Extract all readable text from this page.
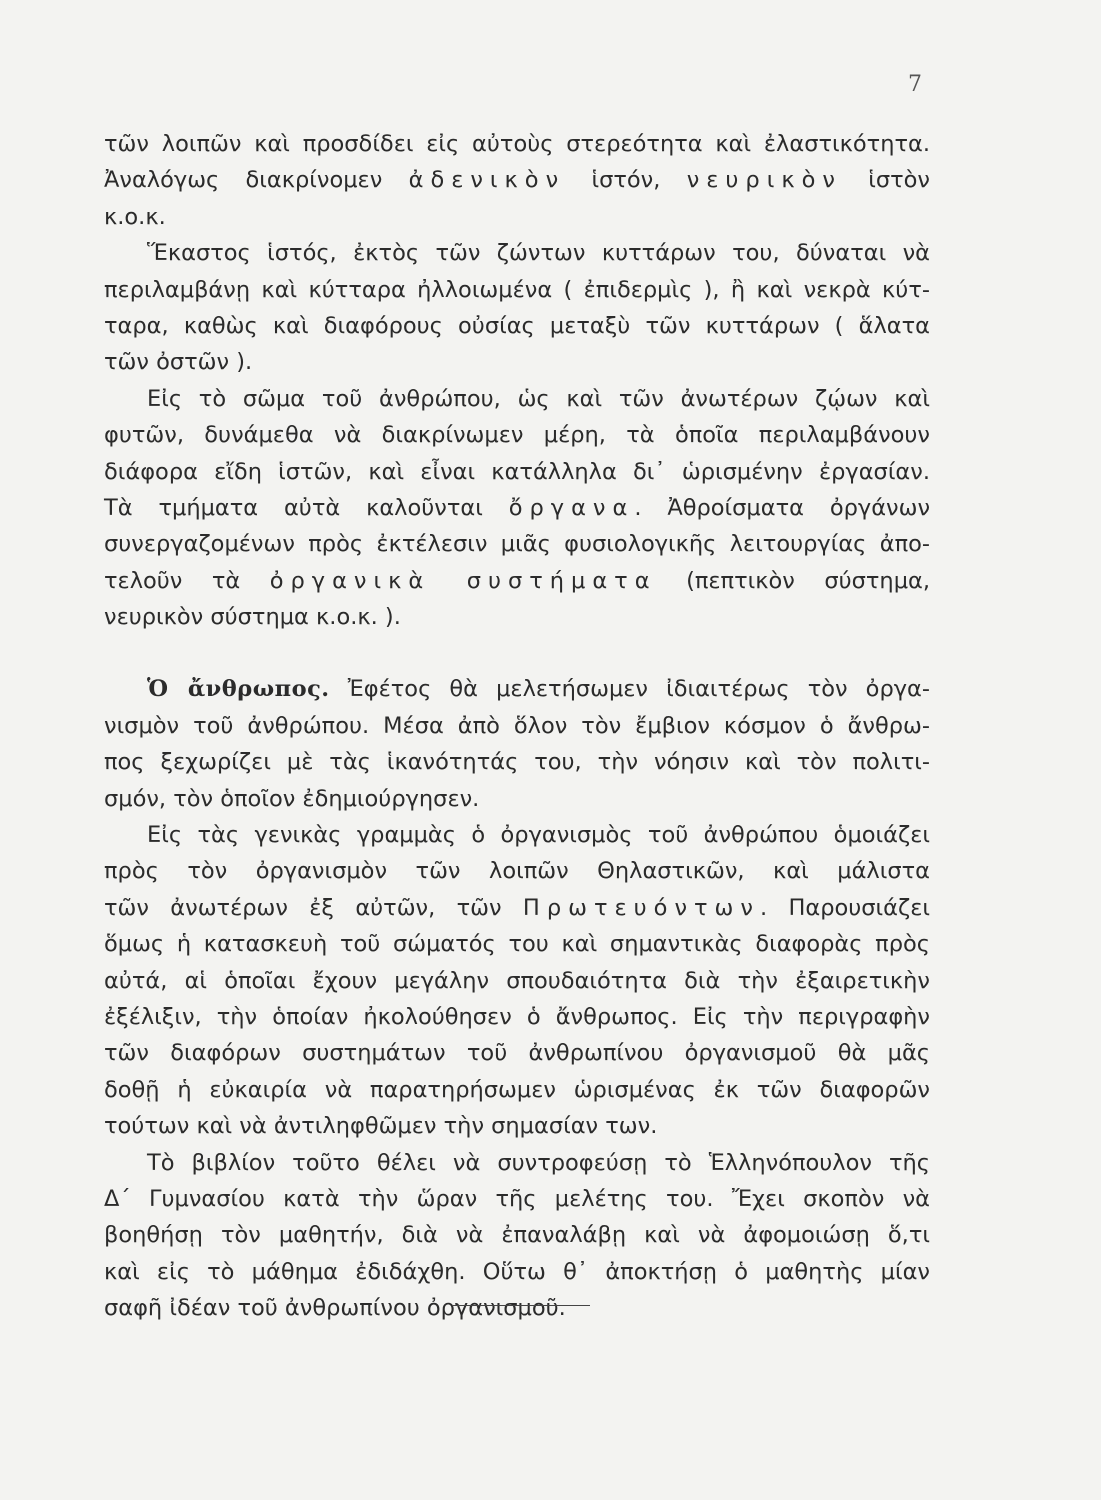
7
τῶν λοιπῶν καὶ προσδίδει εἰς αὐτοὺς στερεότητα καὶ ἐλαστικότητα.
Ἀναλόγως διακρίνομεν ἀδενικὸν ἱστόν, νευρικὸν ἱστὸν
κ.ο.κ.
Ἕκαστος ἱστός, ἐκτὸς τῶν ζώντων κυττάρων του, δύναται νὰ
περιλαμβάνῃ καὶ κύτταρα ἠλλοιωμένα ( ἐπιδερμὶς ), ἢ καὶ νεκρὰ κύτ-
ταρα, καθὼς καὶ διαφόρους οὐσίας μεταξὺ τῶν κυττάρων ( ἅλατα
τῶν ὀστῶν ).
Εἰς τὸ σῶμα τοῦ ἀνθρώπου, ὡς καὶ τῶν ἀνωτέρων ζῴων καὶ
φυτῶν, δυνάμεθα νὰ διακρίνωμεν μέρη, τὰ ὁποῖα περιλαμβάνουν
διάφορα εἴδη ἱστῶν, καὶ εἶναι κατάλληλα δι᾽ ὡρισμένην ἐργασίαν.
Τὰ τμήματα αὐτὰ καλοῦνται ὄργανα. Ἀθροίσματα ὀργάνων
συνεργαζομένων πρὸς ἐκτέλεσιν μιᾶς φυσιολογικῆς λειτουργίας ἀπο-
τελοῦν τὰ ὀργανικὰ συστήματα (πεπτικὸν σύστημα,
νευρικὸν σύστημα κ.ο.κ. ).
Ὁ ἄνθρωπος. Ἐφέτος θὰ μελετήσωμεν ἰδιαιτέρως τὸν ὀργα-
νισμὸν τοῦ ἀνθρώπου. Μέσα ἀπὸ ὅλον τὸν ἔμβιον κόσμον ὁ ἄνθρω-
πος ξεχωρίζει μὲ τὰς ἱκανότητάς του, τὴν νόησιν καὶ τὸν πολιτι-
σμόν, τὸν ὁποῖον ἐδημιούργησεν.
Εἰς τὰς γενικὰς γραμμὰς ὁ ὀργανισμὸς τοῦ ἀνθρώπου ὁμοιάζει
πρὸς τὸν ὀργανισμὸν τῶν λοιπῶν Θηλαστικῶν, καὶ μάλιστα
τῶν ἀνωτέρων ἐξ αὐτῶν, τῶν Πρωτευόντων. Παρουσιάζει
ὅμως ἡ κατασκευὴ τοῦ σώματός του καὶ σημαντικὰς διαφορὰς πρὸς
αὐτά, αἱ ὁποῖαι ἔχουν μεγάλην σπουδαιότητα διὰ τὴν ἐξαιρετικὴν
ἐξέλιξιν, τὴν ὁποίαν ἠκολούθησεν ὁ ἄνθρωπος. Εἰς τὴν περιγραφὴν
τῶν διαφόρων συστημάτων τοῦ ἀνθρωπίνου ὀργανισμοῦ θὰ μᾶς
δοθῇ ἡ εὐκαιρία νὰ παρατηρήσωμεν ὡρισμένας ἐκ τῶν διαφορῶν
τούτων καὶ νὰ ἀντιληφθῶμεν τὴν σημασίαν των.
Τὸ βιβλίον τοῦτο θέλει νὰ συντροφεύσῃ τὸ Ἑλληνόπουλον τῆς
Δ΄ Γυμνασίου κατὰ τὴν ὥραν τῆς μελέτης του. Ἔχει σκοπὸν νὰ
βοηθήσῃ τὸν μαθητήν, διὰ νὰ ἐπαναλάβῃ καὶ νὰ ἀφομοιώσῃ ὅ,τι
καὶ εἰς τὸ μάθημα ἐδιδάχθη. Οὕτω θ᾽ ἀποκτήσῃ ὁ μαθητὴς μίαν
σαφῆ ἰδέαν τοῦ ἀνθρωπίνου ὀργανισμοῦ.
